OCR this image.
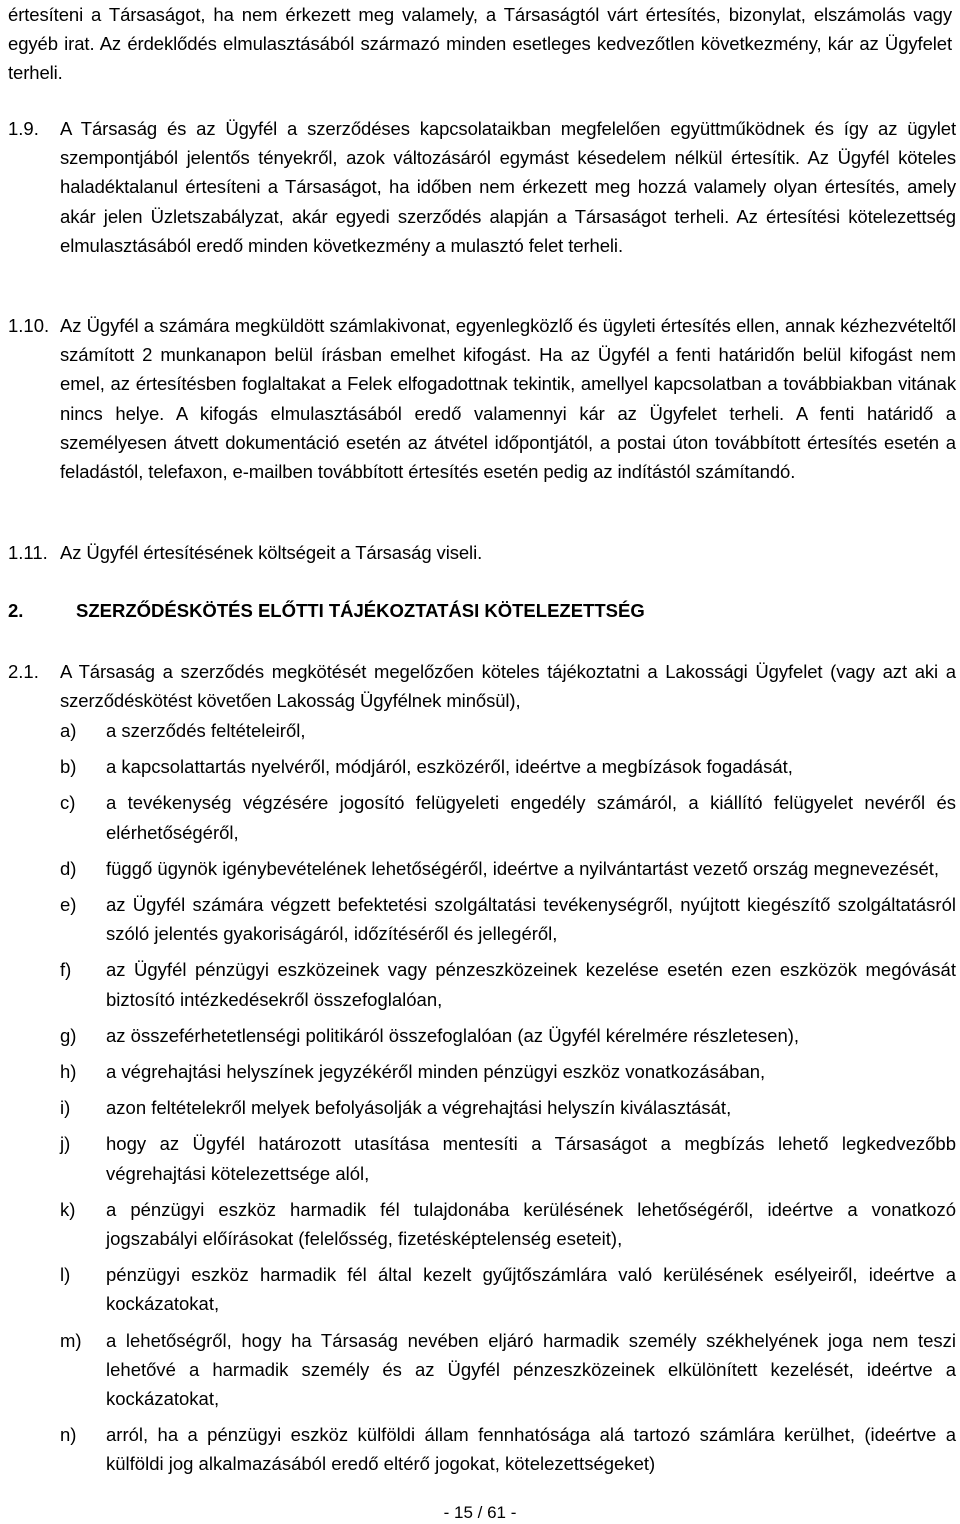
értesíteni a Társaságot, ha nem érkezett meg valamely, a Társaságtól várt értesítés, bizonylat, elszámolás vagy egyéb irat. Az érdeklődés elmulasztásából származó minden esetleges kedvezőtlen következmény, kár az Ügyfelet terheli.
1.9. A Társaság és az Ügyfél a szerződéses kapcsolataikban megfelelően együttműködnek és így az ügylet szempontjából jelentős tényekről, azok változásáról egymást késedelem nélkül értesítik. Az Ügyfél köteles haladéktalanul értesíteni a Társaságot, ha időben nem érkezett meg hozzá valamely olyan értesítés, amely akár jelen Üzletszabályzat, akár egyedi szerződés alapján a Társaságot terheli. Az értesítési kötelezettség elmulasztásából eredő minden következmény a mulasztó felet terheli.
1.10. Az Ügyfél a számára megküldött számlakivonat, egyenlegközlő és ügyleti értesítés ellen, annak kézhezvételtől számított 2 munkanapon belül írásban emelhet kifogást. Ha az Ügyfél a fenti határidőn belül kifogást nem emel, az értesítésben foglaltakat a Felek elfogadottnak tekintik, amellyel kapcsolatban a továbbiakban vitának nincs helye. A kifogás elmulasztásából eredő valamennyi kár az Ügyfelet terheli. A fenti határidő a személyesen átvett dokumentáció esetén az átvétel időpontjától, a postai úton továbbított értesítés esetén a feladástól, telefaxon, e-mailben továbbított értesítés esetén pedig az indítástól számítandó.
1.11. Az Ügyfél értesítésének költségeit a Társaság viseli.
2.	SZERZŐDÉSKÖTÉS ELŐTTI TÁJÉKOZTATÁSI KÖTELEZETTSÉG
2.1. A Társaság a szerződés megkötését megelőzően köteles tájékoztatni a Lakossági Ügyfelet (vagy azt aki a szerződéskötést követően Lakosság Ügyfélnek minősül),
a) a szerződés feltételeiről,
b) a kapcsolattartás nyelvéről, módjáról, eszközéről, ideértve a megbízások fogadását,
c) a tevékenység végzésére jogosító felügyeleti engedély számáról, a kiállító felügyelet nevéről és elérhetőségéről,
d) függő ügynök igénybevételének lehetőségéről, ideértve a nyilvántartást vezető ország megnevezését,
e) az Ügyfél számára végzett befektetési szolgáltatási tevékenységről, nyújtott kiegészítő szolgáltatásról szóló jelentés gyakoriságáról, időzítéséről és jellegéről,
f) az Ügyfél pénzügyi eszközeinek vagy pénzeszközeinek kezelése esetén ezen eszközök megóvását biztosító intézkedésekről összefoglalóan,
g) az összeférhetetlenségi politikáról összefoglalóan (az Ügyfél kérelmére részletesen),
h) a végrehajtási helyszínek jegyzékéről minden pénzügyi eszköz vonatkozásában,
i) azon feltételekről melyek befolyásolják a végrehajtási helyszín kiválasztását,
j) hogy az Ügyfél határozott utasítása mentesíti a Társaságot a megbízás lehető legkedvezőbb végrehajtási kötelezettsége alól,
k) a pénzügyi eszköz harmadik fél tulajdonába kerülésének lehetőségéről, ideértve a vonatkozó jogszabályi előírásokat (felelősség, fizetésképtelenség eseteit),
l) pénzügyi eszköz harmadik fél által kezelt gyűjtőszámlára való kerülésének esélyeiről, ideértve a kockázatokat,
m) a lehetőségről, hogy ha Társaság nevében eljáró harmadik személy székhelyének joga nem teszi lehetővé a harmadik személy és az Ügyfél pénzeszközeinek elkülönített kezelését, ideértve a kockázatokat,
n) arról, ha a pénzügyi eszköz külföldi állam fennhatósága alá tartozó számlára kerülhet, (ideértve a külföldi jog alkalmazásából eredő eltérő jogokat, kötelezettségeket)
- 15 / 61 -
